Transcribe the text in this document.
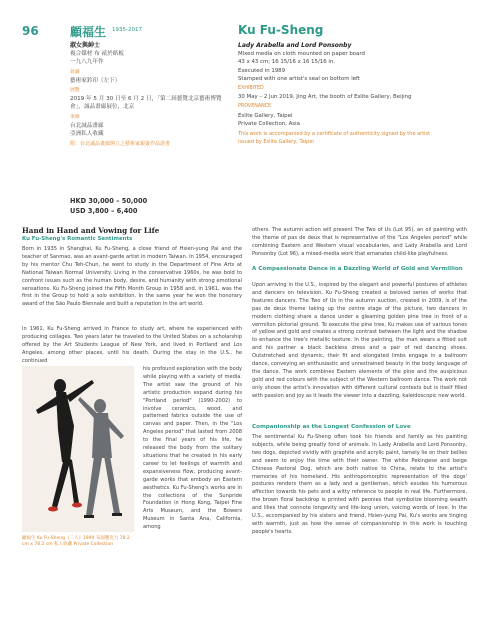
96	顧福生 1935-2017	Ku Fu-Sheng
淑女與紳士
複合媒材 布 裱於紙板
一九八九年作
款識
藝術家鈐印（左下）
展覽
2019 年 5 月 30 日至 6 月 2 日，「第二屆藝覽北京藝術博覽會」，誠品畫廊展位，北京
來源
台北誠品畫廊
亞洲私人收藏
附：台北誠品畫廊開立之藝術家親簽作品證書
Lady Arabella and Lord Ponsonby
Mixed media on cloth mounted on paper board
43 x 43 cm; 16 15/16 x 16 15/16 in.
Executed in 1989
Stamped with one artist's seal on bottom left
EXHIBITED
30 May – 2 Jun 2019, Jing Art, the booth of Eslite Gallery, Beijing
PROVENANCE
Eslite Gallery, Taipei
Private Collection, Asia
This work is accompanied by a certificate of authenticity signed by the artist issued by Eslite Gallery, Taipei
HKD 30,000 – 50,000
USD 3,800 – 6,400
Hand in Hand and Vowing for Life
Ku Fu-Sheng's Romantic Sentiments
Born in 1935 in Shanghai, Ku Fu-Sheng, a close friend of Hsien-yung Pai and the teacher of Sanmao, was an avant-garde artist in modern Taiwan. In 1954, encouraged by his mentor Chu Teh-Chun, he went to study in the Department of Fine Arts at National Taiwan Normal University. Living in the conservative 1960s, he was bold to confront issues such as the human body, desire, and humanity with strong emotional sensations. Ku Fu-Sheng joined the Fifth Month Group in 1958 and, in 1961, was the first in the Group to hold a solo exhibition. In the same year he won the honorary award of the São Paulo Biennale and built a reputation in the art world.
In 1961, Ku Fu-Sheng arrived in France to study art, where he experienced with producing collages. Two years later he traveled to the United States on a scholarship offered by the Art Students League of New York, and lived in Portland and Los Angeles, among other places, until his death. During the stay in the U.S., he continued
顧福生 Ku Fu-Sheng《二人》1999 布面壓克力 78.2 cm x 78.2 cm 私人收藏 Private Collection
his profound exploration with the body while playing with a variety of media. The artist saw the ground of his artistic production expand during his "Portland period" (1990-2002) to involve ceramics, wood, and patterned fabrics outside the use of canvas and paper. Then, in the "Los Angeles period" that lasted from 2008 to the final years of his life, he released the body from the solitary situations that he created in his early career to let feelings of warmth and expansiveness flow, producing avant-garde works that embody an Eastern aesthetics. Ku Fu-Sheng's works are in the collections of the Sunpride Foundation in Hong Kong, Taipei Fine Arts Museum, and the Bowers Museum in Santa Ana, California, among
others. The autumn action will present The Two of Us (Lot 95), an oil painting with the theme of pas de deux that is representative of the "Los Angeles period" while combining Eastern and Western visual vocabularies, and Lady Arabella and Lord Ponsonby (Lot 96), a mixed-media work that emanates child-like playfulness.
A Compassionate Dance in a Dazzling World of Gold and Vermillion
Upon arriving in the U.S., inspired by the elegant and powerful postures of athletes and dancers on television, Ku Fu-Sheng created a beloved series of works that features dancers. The Two of Us in the autumn auction, created in 2009, is of the pas de deux theme taking up the centre stage of the picture, two dancers in modern clothing share a dance under a gleaming golden pine tree in front of a vermilion pictorial ground. To execute the pine tree, Ku makes use of various tones of yellow and gold and creates a strong contrast between the light and the shadow to enhance the tree's metallic texture. In the painting, the man wears a fitted suit and his partner a black backless dress and a pair of red dancing shoes. Outstretched and dynamic, their fit and elongated limbs engage in a ballroom dance, conveying an enthusiastic and unrestrained beauty in the body language of the dance. The work combines Eastern elements of the pine and the auspicious gold and red colours with the subject of the Western ballroom dance. The work not only shows the artist's innovation with different cultural contexts but is itself filled with passion and joy as it leads the viewer into a dazzling, kaleidoscopic new world.
Companionship as the Longest Confession of Love
The sentimental Ku Fu-Sheng often took his friends and family as his painting subjects, while being greatly fond of animals. In Lady Arabella and Lord Ponsonby, two dogs, depicted vividly with graphite and acrylic paint, tamely lie on their bellies and seem to enjoy the time with their owner. The white Pekingese and beige Chinese Pastoral Dog, which are both native to China, relate to the artist's memories of his homeland. His anthropomorphic representation of the dogs' postures renders them as a lady and a gentleman, which exudes his humorous affection towards his pets and a witty reference to people in real life. Furthermore, the brown floral backdrop is printed with peonies that symbolize blooming wealth and lilies that connote longevity and life-long union, voicing words of love. In the U.S., accompanied by his sisters and friend, Hsien-yung Pai, Ku's works are tinging with warmth, just as how the sense of companionship in this work is touching people's hearts.
